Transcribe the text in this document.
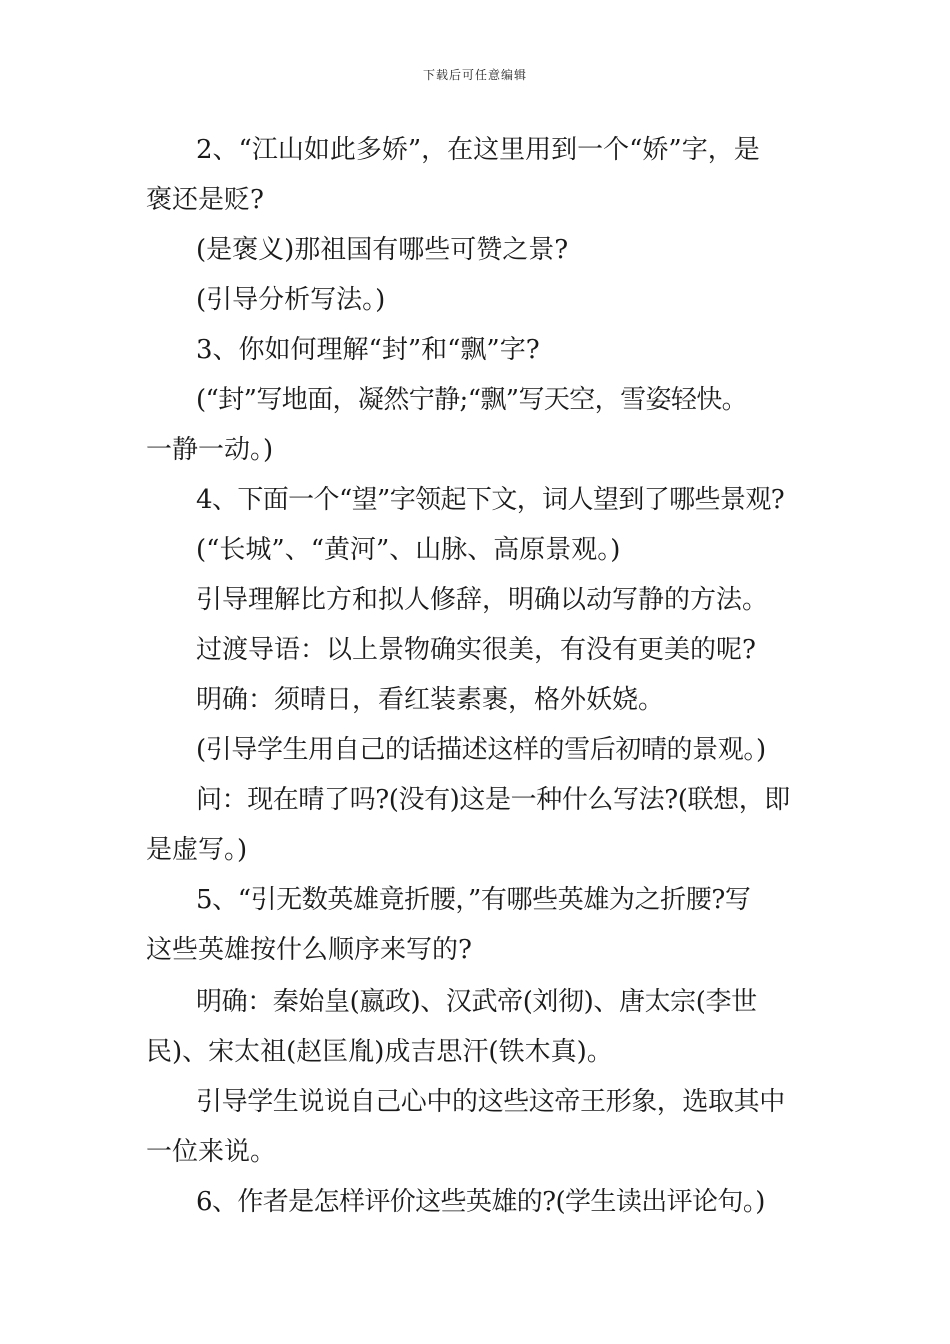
下载后可任意编辑
2、“江山如此多娇”，在这里用到一个“娇”字，是
褒还是贬?
(是褒义)那祖国有哪些可赞之景?
(引导分析写法。)
3、你如何理解“封”和“飘”字?
(“封”写地面，凝然宁静;“飘”写天空，雪姿轻快。
一静一动。)
4、下面一个“望”字领起下文，词人望到了哪些景观?
(“长城”、“黄河”、山脉、高原景观。)
引导理解比方和拟人修辞，明确以动写静的方法。
过渡导语：以上景物确实很美，有没有更美的呢?
明确：须晴日，看红装素裹，格外妖娆。
(引导学生用自己的话描述这样的雪后初晴的景观。)
问：现在晴了吗?(没有)这是一种什么写法?(联想，即
是虚写。)
5、“引无数英雄竟折腰，”有哪些英雄为之折腰?写
这些英雄按什么顺序来写的?
明确：秦始皇(嬴政)、汉武帝(刘彻)、唐太宗(李世
民)、宋太祖(赵匡胤)成吉思汗(铁木真)。
引导学生说说自己心中的这些这帝王形象，选取其中
一位来说。
6、作者是怎样评价这些英雄的?(学生读出评论句。)
